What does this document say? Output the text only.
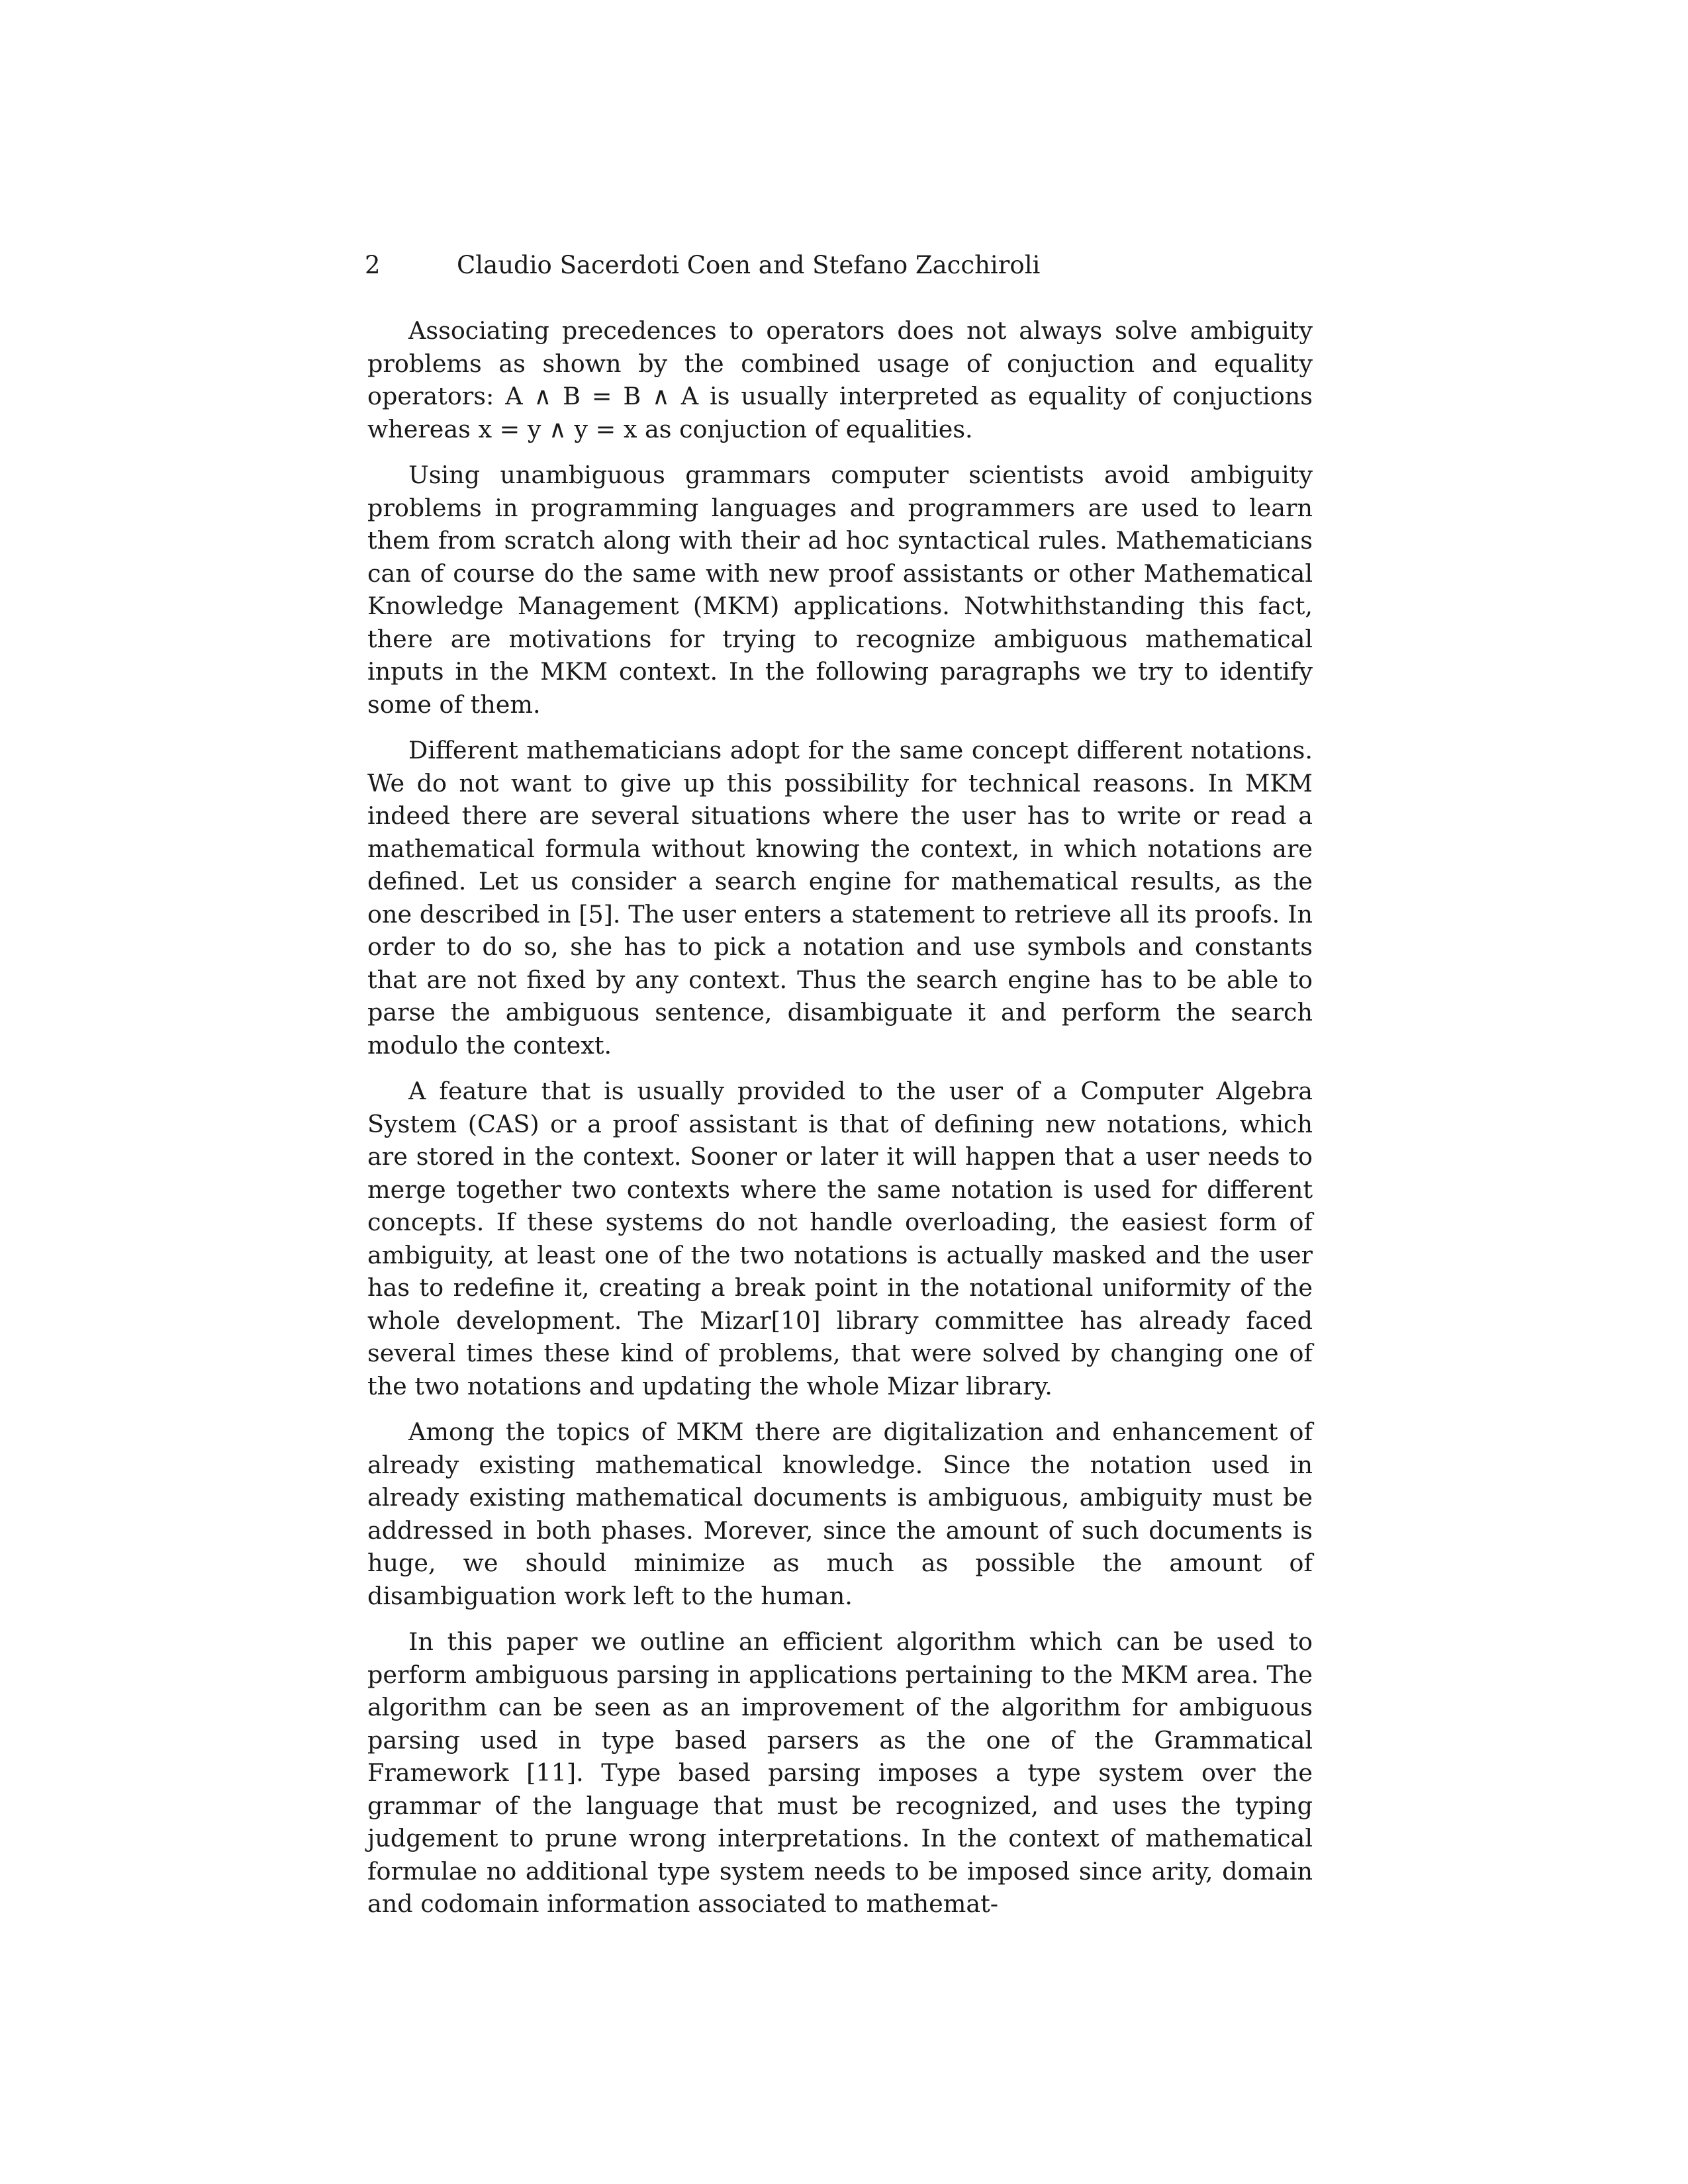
2	Claudio Sacerdoti Coen and Stefano Zacchiroli

Associating precedences to operators does not always solve ambiguity problems as shown by the combined usage of conjuction and equality operators: A ∧ B = B ∧ A is usually interpreted as equality of conjuctions whereas x = y ∧ y = x as conjuction of equalities.

Using unambiguous grammars computer scientists avoid ambiguity problems in programming languages and programmers are used to learn them from scratch along with their ad hoc syntactical rules. Mathematicians can of course do the same with new proof assistants or other Mathematical Knowledge Management (MKM) applications. Notwhithstanding this fact, there are motivations for trying to recognize ambiguous mathematical inputs in the MKM context. In the following paragraphs we try to identify some of them.

Different mathematicians adopt for the same concept different notations. We do not want to give up this possibility for technical reasons. In MKM indeed there are several situations where the user has to write or read a mathematical formula without knowing the context, in which notations are defined. Let us consider a search engine for mathematical results, as the one described in [5]. The user enters a statement to retrieve all its proofs. In order to do so, she has to pick a notation and use symbols and constants that are not fixed by any context. Thus the search engine has to be able to parse the ambiguous sentence, disambiguate it and perform the search modulo the context.

A feature that is usually provided to the user of a Computer Algebra System (CAS) or a proof assistant is that of defining new notations, which are stored in the context. Sooner or later it will happen that a user needs to merge together two contexts where the same notation is used for different concepts. If these systems do not handle overloading, the easiest form of ambiguity, at least one of the two notations is actually masked and the user has to redefine it, creating a break point in the notational uniformity of the whole development. The Mizar[10] library committee has already faced several times these kind of problems, that were solved by changing one of the two notations and updating the whole Mizar library.

Among the topics of MKM there are digitalization and enhancement of already existing mathematical knowledge. Since the notation used in already existing mathematical documents is ambiguous, ambiguity must be addressed in both phases. Morever, since the amount of such documents is huge, we should minimize as much as possible the amount of disambiguation work left to the human.

In this paper we outline an efficient algorithm which can be used to perform ambiguous parsing in applications pertaining to the MKM area. The algorithm can be seen as an improvement of the algorithm for ambiguous parsing used in type based parsers as the one of the Grammatical Framework [11]. Type based parsing imposes a type system over the grammar of the language that must be recognized, and uses the typing judgement to prune wrong interpretations. In the context of mathematical formulae no additional type system needs to be imposed since arity, domain and codomain information associated to mathemat-
